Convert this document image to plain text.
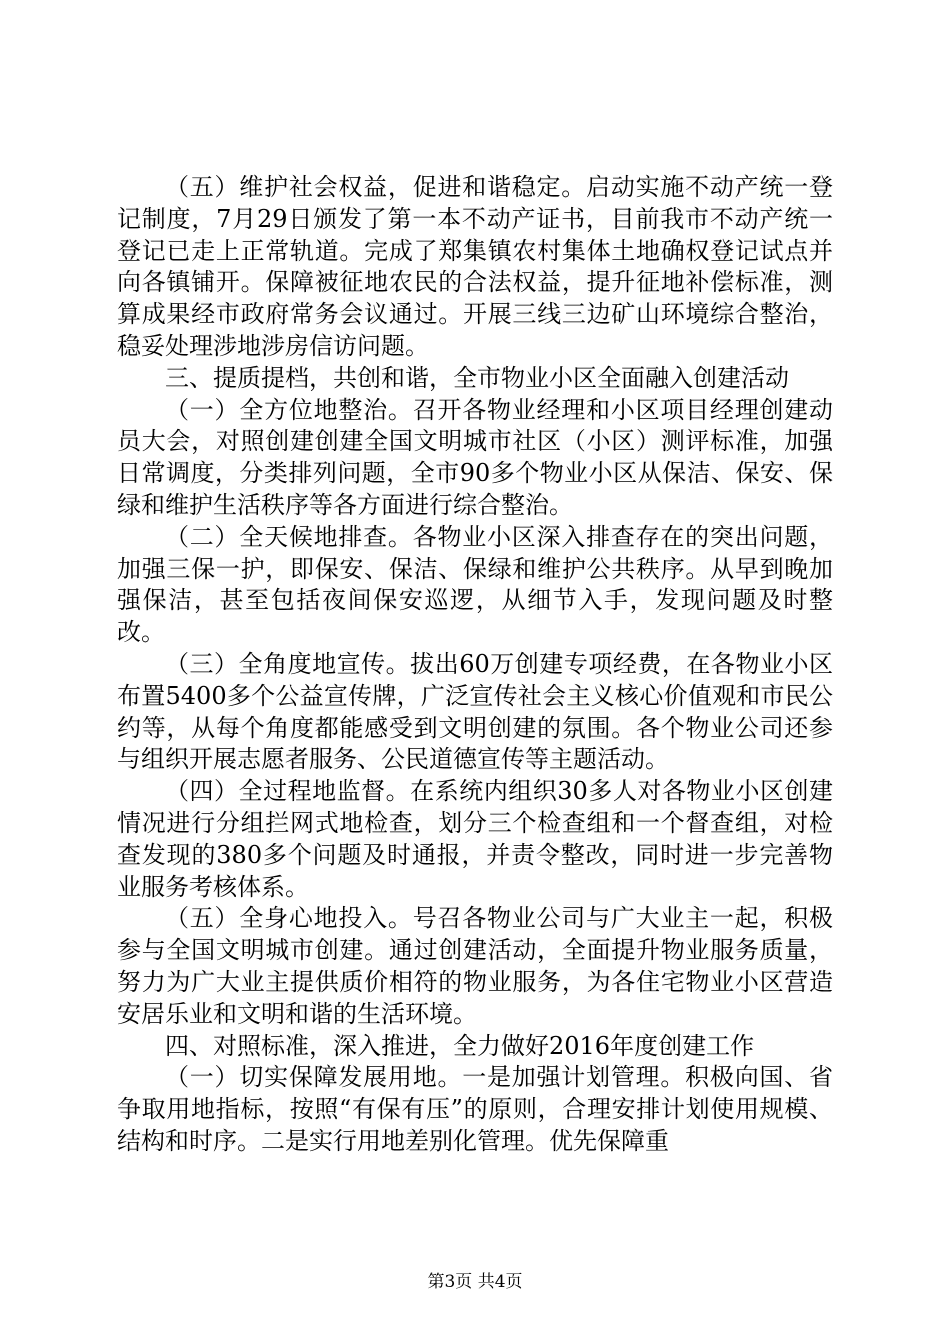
（五）维护社会权益，促进和谐稳定。启动实施不动产统一登记制度，7月29日颁发了第一本不动产证书，目前我市不动产统一登记已走上正常轨道。完成了郑集镇农村集体土地确权登记试点并向各镇铺开。保障被征地农民的合法权益，提升征地补偿标准，测算成果经市政府常务会议通过。开展三线三边矿山环境综合整治，稳妥处理涉地涉房信访问题。

三、提质提档，共创和谐，全市物业小区全面融入创建活动

（一）全方位地整治。召开各物业经理和小区项目经理创建动员大会，对照创建创建全国文明城市社区（小区）测评标准，加强日常调度，分类排列问题，全市90多个物业小区从保洁、保安、保绿和维护生活秩序等各方面进行综合整治。

（二）全天候地排查。各物业小区深入排查存在的突出问题，加强三保一护，即保安、保洁、保绿和维护公共秩序。从早到晚加强保洁，甚至包括夜间保安巡逻，从细节入手，发现问题及时整改。

（三）全角度地宣传。拔出60万创建专项经费，在各物业小区布置5400多个公益宣传牌，广泛宣传社会主义核心价值观和市民公约等，从每个角度都能感受到文明创建的氛围。各个物业公司还参与组织开展志愿者服务、公民道德宣传等主题活动。

（四）全过程地监督。在系统内组织30多人对各物业小区创建情况进行分组拦网式地检查，划分三个检查组和一个督查组，对检查发现的380多个问题及时通报，并责令整改，同时进一步完善物业服务考核体系。

（五）全身心地投入。号召各物业公司与广大业主一起，积极参与全国文明城市创建。通过创建活动，全面提升物业服务质量，努力为广大业主提供质价相符的物业服务，为各住宅物业小区营造安居乐业和文明和谐的生活环境。

四、对照标准，深入推进，全力做好2016年度创建工作

（一）切实保障发展用地。一是加强计划管理。积极向国、省争取用地指标，按照“有保有压”的原则，合理安排计划使用规模、结构和时序。二是实行用地差别化管理。优先保障重

第3页 共4页
